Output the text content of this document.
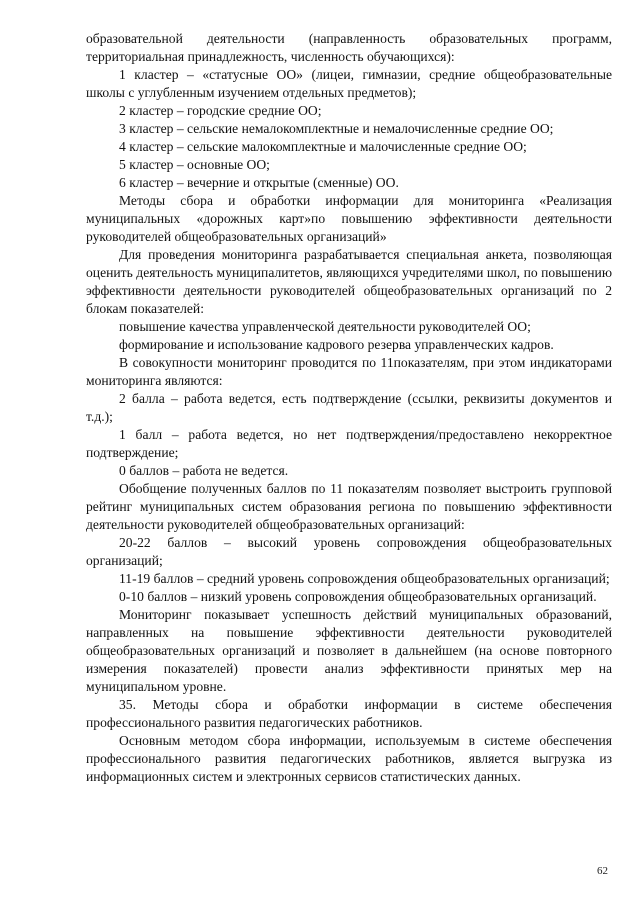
образовательной деятельности (направленность образовательных программ, территориальная принадлежность, численность обучающихся):

1 кластер – «статусные ОО» (лицеи, гимназии, средние общеобразовательные школы с углубленным изучением отдельных предметов);

2 кластер – городские средние ОО;

3 кластер – сельские немалокомплектные и немалочисленные средние ОО;

4 кластер – сельские малокомплектные и малочисленные средние ОО;

5 кластер – основные ОО;

6 кластер – вечерние и открытые (сменные) ОО.

Методы сбора и обработки информации для мониторинга «Реализация муниципальных «дорожных карт»по повышению эффективности деятельности руководителей общеобразовательных организаций»

Для проведения мониторинга разрабатывается специальная анкета, позволяющая оценить деятельность муниципалитетов, являющихся учредителями школ, по повышению эффективности деятельности руководителей общеобразовательных организаций по 2 блокам показателей:

повышение качества управленческой деятельности руководителей ОО;

формирование и использование кадрового резерва управленческих кадров.

В совокупности мониторинг проводится по 11показателям, при этом индикаторами мониторинга являются:

2 балла – работа ведется, есть подтверждение (ссылки, реквизиты документов и т.д.);

1 балл – работа ведется, но нет подтверждения/предоставлено некорректное подтверждение;

0 баллов – работа не ведется.

Обобщение полученных баллов по 11 показателям позволяет выстроить групповой рейтинг муниципальных систем образования региона по повышению эффективности деятельности руководителей общеобразовательных организаций:

20-22 баллов – высокий уровень сопровождения общеобразовательных организаций;

11-19 баллов – средний уровень сопровождения общеобразовательных организаций;

0-10 баллов – низкий уровень сопровождения общеобразовательных организаций.

Мониторинг показывает успешность действий муниципальных образований, направленных на повышение эффективности деятельности руководителей общеобразовательных организаций и позволяет в дальнейшем (на основе повторного измерения показателей) провести анализ эффективности принятых мер на муниципальном уровне.

35. Методы сбора и обработки информации в системе обеспечения профессионального развития педагогических работников.

Основным методом сбора информации, используемым в системе обеспечения профессионального развития педагогических работников, является выгрузка из информационных систем и электронных сервисов статистических данных.

62
